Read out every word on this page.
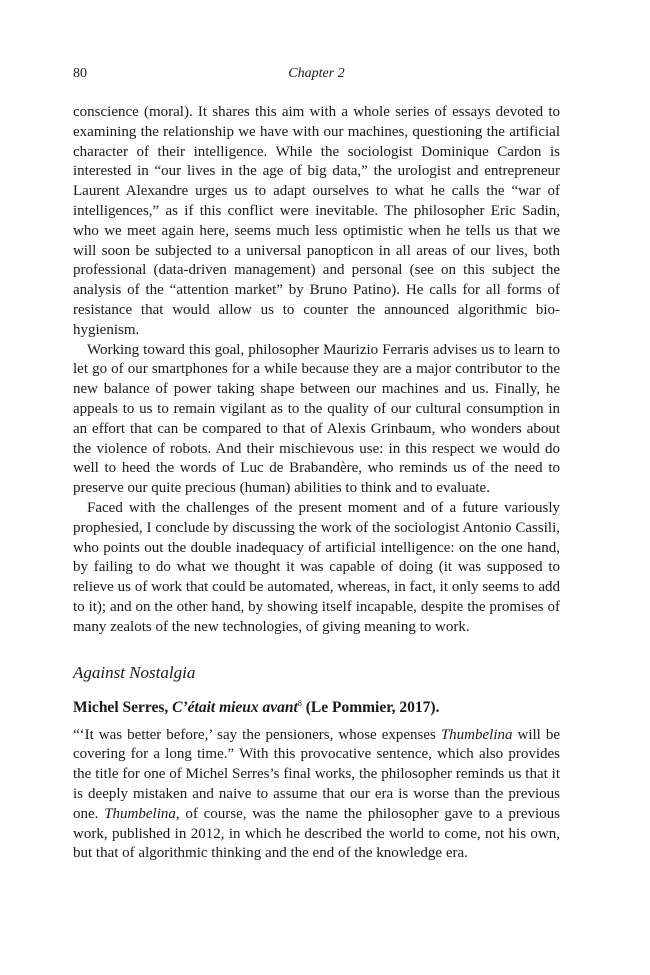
80	Chapter 2

conscience (moral). It shares this aim with a whole series of essays devoted to examining the relationship we have with our machines, questioning the artificial character of their intelligence. While the sociologist Dominique Cardon is interested in “our lives in the age of big data,” the urologist and entrepreneur Laurent Alexandre urges us to adapt ourselves to what he calls the “war of intelligences,” as if this conflict were inevitable. The philosopher Eric Sadin, who we meet again here, seems much less optimistic when he tells us that we will soon be subjected to a universal panopticon in all areas of our lives, both professional (data-driven management) and personal (see on this subject the analysis of the “attention market” by Bruno Patino). He calls for all forms of resistance that would allow us to counter the announced algorithmic bio-hygienism.

Working toward this goal, philosopher Maurizio Ferraris advises us to learn to let go of our smartphones for a while because they are a major contributor to the new balance of power taking shape between our machines and us. Finally, he appeals to us to remain vigilant as to the quality of our cultural consumption in an effort that can be compared to that of Alexis Grinbaum, who wonders about the violence of robots. And their mischievous use: in this respect we would do well to heed the words of Luc de Brabandère, who reminds us of the need to preserve our quite precious (human) abilities to think and to evaluate.

Faced with the challenges of the present moment and of a future variously prophesied, I conclude by discussing the work of the sociologist Antonio Cassili, who points out the double inadequacy of artificial intelligence: on the one hand, by failing to do what we thought it was capable of doing (it was supposed to relieve us of work that could be automated, whereas, in fact, it only seems to add to it); and on the other hand, by showing itself incapable, despite the promises of many zealots of the new technologies, of giving meaning to work.

Against Nostalgia
Michel Serres, C’était mieux avant$^8$ (Le Pommier, 2017).

“‘It was better before,’ say the pensioners, whose expenses Thumbelina will be covering for a long time.” With this provocative sentence, which also provides the title for one of Michel Serres’s final works, the philosopher reminds us that it is deeply mistaken and naive to assume that our era is worse than the previous one. Thumbelina, of course, was the name the philosopher gave to a previous work, published in 2012, in which he described the world to come, not his own, but that of algorithmic thinking and the end of the knowledge era.
